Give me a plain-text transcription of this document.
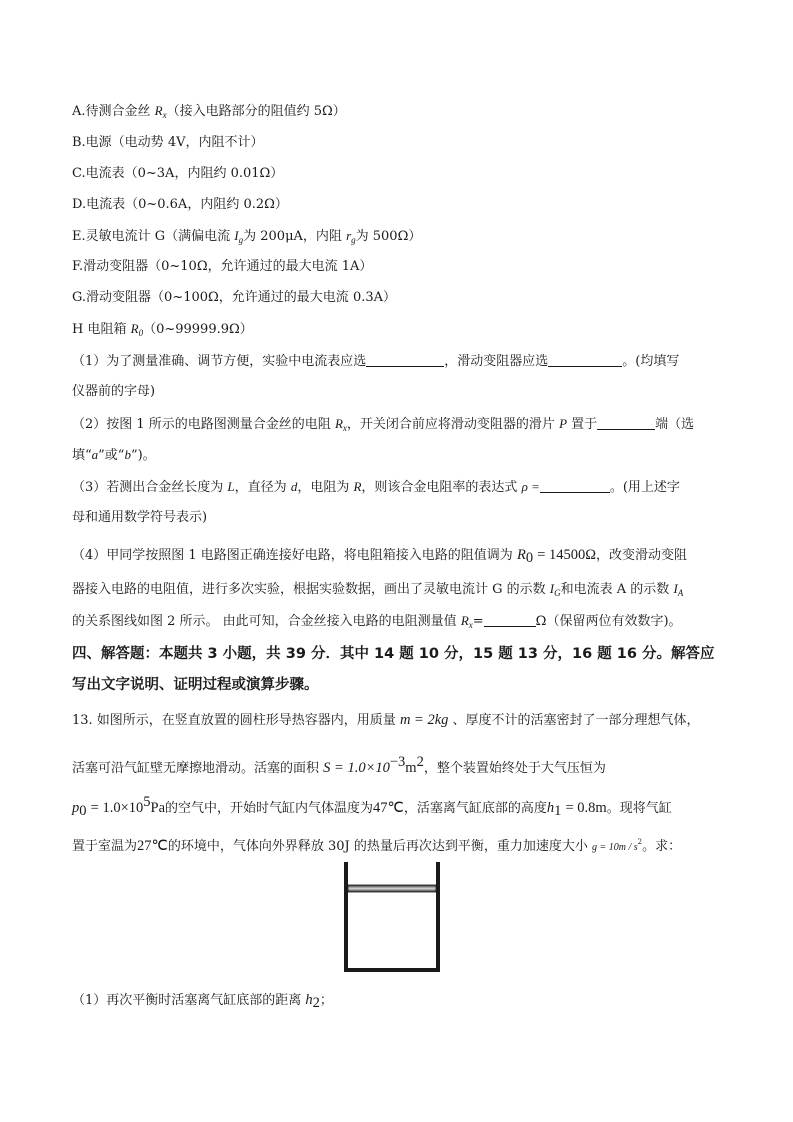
A.待测合金丝 $R_x$（接入电路部分的阻值约 5Ω）
B.电源（电动势 4V，内阻不计）
C.电流表（0~3A，内阻约 0.01Ω）
D.电流表（0~0.6A，内阻约 0.2Ω）
E.灵敏电流计 G（满偏电流 $I_g$为 200μA，内阻 $r_g$为 500Ω）
F.滑动变阻器（0~10Ω，允许通过的最大电流 1A）
G.滑动变阻器（0~100Ω，允许通过的最大电流 0.3A）
H 电阻箱 $R_0(0\sim 99999.9\Omega)$
（1）为了测量准确、调节方便，实验中电流表应选	，滑动变阻器应选	。(均填写
仪器前的字母)
（2）按图 1 所示的电路图测量合金丝的电阻 $R_x$，开关闭合前应将滑动变阻器的滑片 P 置于	端（选
填“a”或“b”)。
（3）若测出合金丝长度为 L，直径为 d，电阻为 R，则该合金电阻率的表达式 ρ =	。(用上述字
母和通用数学符号表示)
（4）甲同学按照图 1 电路图正确连接好电路，将电阻箱接入电路的阻值调为 R0 = 14500Ω，改变滑动变阻
器接入电路的电阻值，进行多次实验，根据实验数据，画出了灵敏电流计 G 的示数 $I_G$和电流表 A 的示数 $I_A$
的关系图线如图 2 所示。 由此可知，合金丝接入电路的电阻测量值 $R_x=$	Ω（保留两位有效数字)。
四、解答题：本题共 3 小题，共 39 分．其中 14 题 10 分，15 题 13 分，16 题 16 分。解答应
写出文字说明、证明过程或演算步骤。
13. 如图所示，在竖直放置的圆柱形导热容器内，用质量 m = 2kg 、厚度不计的活塞密封了一部分理想气体，
活塞可沿气缸壁无摩擦地滑动。活塞的面积 S = 1.0×10−3m2，整个装置始终处于大气压恒为
p0 = 1.0×105Pa的空气中，开始时气缸内气体温度为47℃，活塞离气缸底部的高度h1 = 0.8m。现将气缸
置于室温为27℃的环境中，气体向外界释放 30J 的热量后再次达到平衡，重力加速度大小 $g = 10m / s^2$。求：
（1）再次平衡时活塞离气缸底部的距离 h2；
